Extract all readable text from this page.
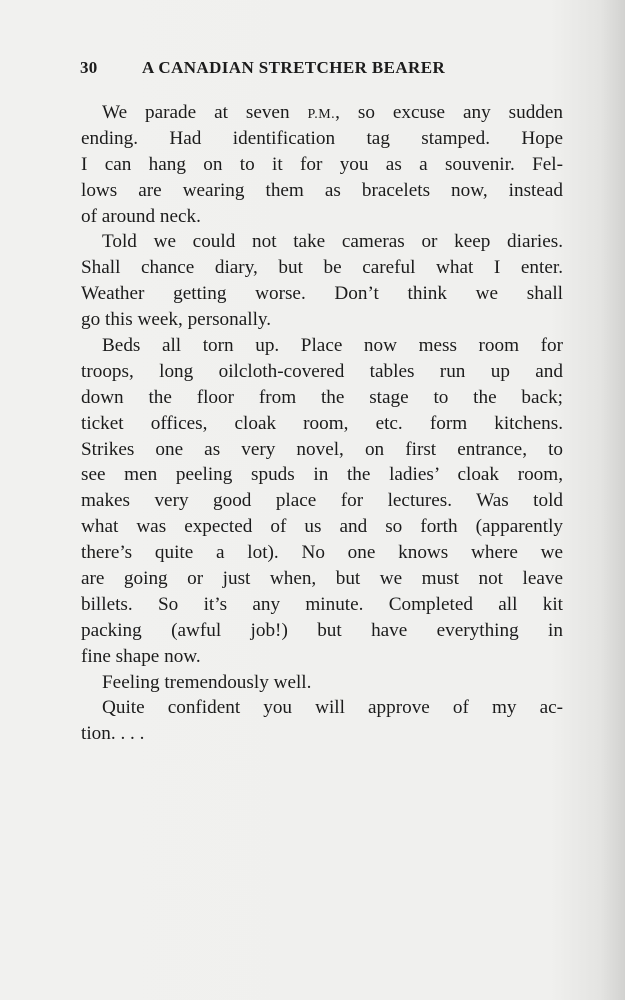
30	A CANADIAN STRETCHER BEARER
We parade at seven P.M., so excuse any sudden
ending. Had identification tag stamped. Hope
I can hang on to it for you as a souvenir. Fel-
lows are wearing them as bracelets now, instead
of around neck.
Told we could not take cameras or keep diaries.
Shall chance diary, but be careful what I enter.
Weather getting worse. Don’t think we shall
go this week, personally.
Beds all torn up. Place now mess room for
troops, long oilcloth-covered tables run up and
down the floor from the stage to the back;
ticket offices, cloak room, etc. form kitchens.
Strikes one as very novel, on first entrance, to
see men peeling spuds in the ladies’ cloak room,
makes very good place for lectures. Was told
what was expected of us and so forth (apparently
there’s quite a lot). No one knows where we
are going or just when, but we must not leave
billets. So it’s any minute. Completed all kit
packing (awful job!) but have everything in
fine shape now.
Feeling tremendously well.
Quite confident you will approve of my ac-
tion. . . .
